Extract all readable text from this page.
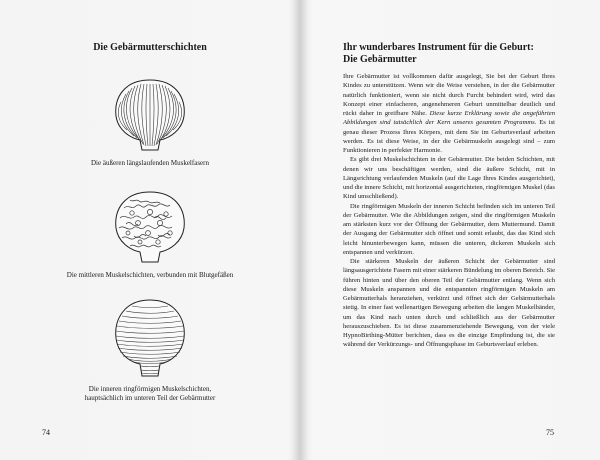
Die Gebärmutterschichten
Die äußeren längslaufenden Muskelfasern
Die mittleren Muskelschichten, verbunden mit Blutgefäßen
Die inneren ringförmigen Muskelschichten,
hauptsächlich im unteren Teil der Gebärmutter
74
Ihr wunderbares Instrument für die Geburt:
Die Gebärmutter

Ihre Gebärmutter ist vollkommen dafür ausgelegt, Sie bei der Geburt Ihres Kindes zu unterstützen. Wenn wir die Weise verstehen, in der die Gebärmutter natürlich funktioniert, wenn sie nicht durch Furcht behindert wird, wird das Konzept einer einfacheren, angenehmeren Geburt unmittelbar deutlich und rückt daher in greifbare Nähe. Diese kurze Erklärung sowie die angeführten Abbildungen sind tatsächlich der Kern unseres gesamten Programms. Es ist genau dieser Prozess Ihres Körpers, mit dem Sie im Geburtsverlauf arbeiten werden. Es ist diese Weise, in der die Gebärmuskeln ausgelegt sind – zum Funktionieren in perfekter Harmonie.

Es gibt drei Muskelschichten in der Gebärmutter. Die beiden Schichten, mit denen wir uns beschäftigen werden, sind die äußere Schicht, mit in Längsrichtung verlaufenden Muskeln (auf die Lage Ihres Kindes ausgerichtet), und die innere Schicht, mit horizontal ausgerichteten, ringförmigen Muskel (das Kind umschließend).

Die ringförmigen Muskeln der inneren Schicht befinden sich im unteren Teil der Gebärmutter. Wie die Abbildungen zeigen, sind die ringförmigen Muskeln am stärksten kurz vor der Öffnung der Gebärmutter, dem Muttermund. Damit der Ausgang der Gebärmutter sich öffnet und somit erlaubt, das das Kind sich leicht hinunterbewegen kann, müssen die unteren, dickeren Muskeln sich entspannen und verkürzen.

Die stärkeren Muskeln der äußeren Schicht der Gebärmutter sind längsausgerichtete Fasern mit einer stärkeren Bündelung im oberen Bereich. Sie führen hinten und über den oberen Teil der Gebärmutter entlang. Wenn sich diese Muskeln anspannen und die entspannten ringförmigen Muskeln am Gebärmutterhals heranziehen, verkürzt und öffnet sich der Gebärmutterhals stetig. In einer fast wellenartigen Bewegung arbeiten die langen Muskelbänder, um das Kind nach unten durch und schließlich aus der Gebärmutter herauszuschieben. Es ist diese zusammenziehende Bewegung, von der viele HypnoBirthing-Mütter berichten, dass es die einzige Empfindung ist, die sie während der Verkürzungs- und Öffnungsphase im Geburtsverlauf erleben.

75
